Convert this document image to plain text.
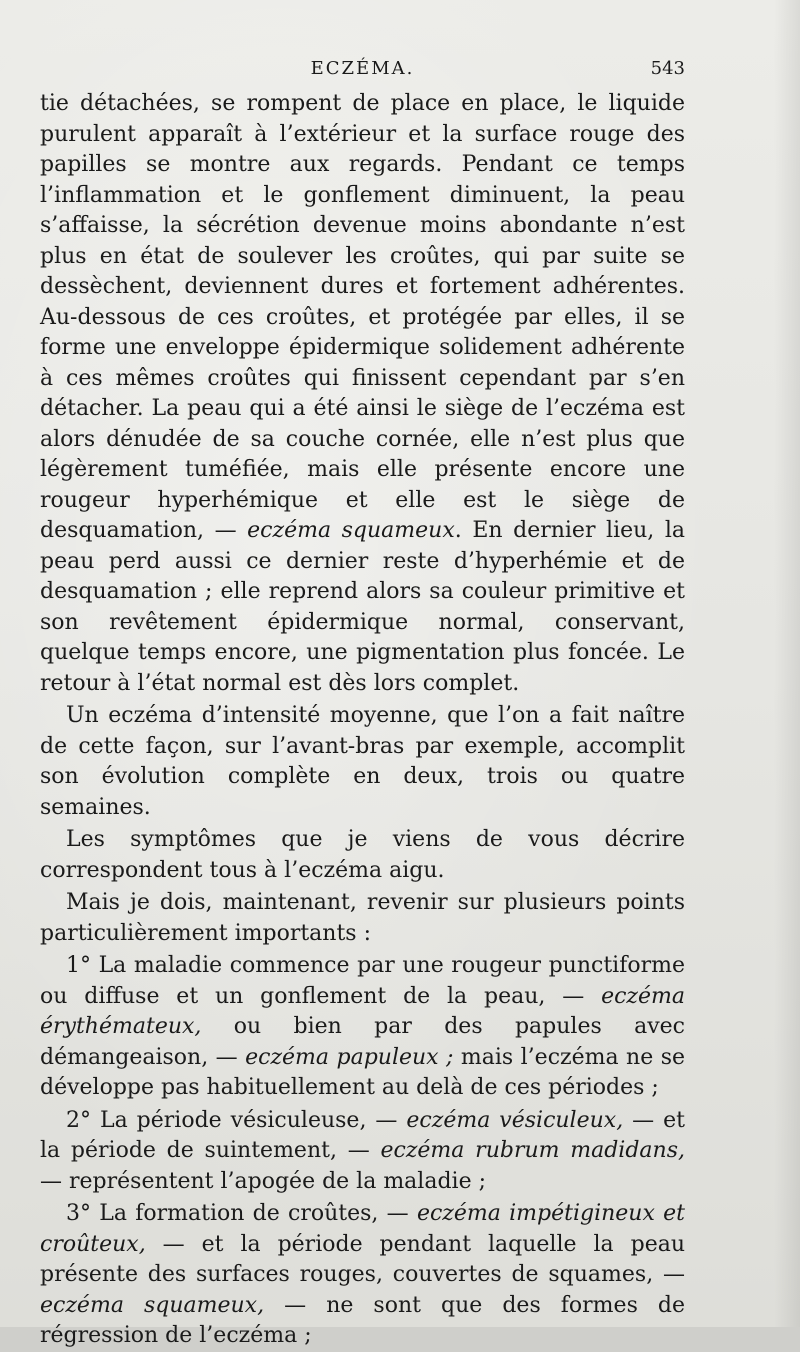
ECZÉMA.	543

tie détachées, se rompent de place en place, le liquide purulent apparaît à l’extérieur et la surface rouge des papilles se montre aux regards. Pendant ce temps l’inflammation et le gonflement diminuent, la peau s’affaisse, la sécrétion devenue moins abondante n’est plus en état de soulever les croûtes, qui par suite se dessèchent, deviennent dures et fortement adhérentes. Au-dessous de ces croûtes, et protégée par elles, il se forme une enveloppe épidermique solidement adhérente à ces mêmes croûtes qui finissent cependant par s’en détacher. La peau qui a été ainsi le siège de l’eczéma est alors dénudée de sa couche cornée, elle n’est plus que légèrement tuméfiée, mais elle présente encore une rougeur hyperhémique et elle est le siège de desquamation, — eczéma squameux. En dernier lieu, la peau perd aussi ce dernier reste d’hyperhémie et de desquamation ; elle reprend alors sa couleur primitive et son revêtement épidermique normal, conservant, quelque temps encore, une pigmentation plus foncée. Le retour à l’état normal est dès lors complet.

Un eczéma d’intensité moyenne, que l’on a fait naître de cette façon, sur l’avant-bras par exemple, accomplit son évolution complète en deux, trois ou quatre semaines.

Les symptômes que je viens de vous décrire correspondent tous à l’eczéma aigu.

Mais je dois, maintenant, revenir sur plusieurs points particulièrement importants :

1° La maladie commence par une rougeur punctiforme ou diffuse et un gonflement de la peau, — eczéma érythémateux, ou bien par des papules avec démangeaison, — eczéma papuleux ; mais l’eczéma ne se développe pas habituellement au delà de ces périodes ;

2° La période vésiculeuse, — eczéma vésiculeux, — et la période de suintement, — eczéma rubrum madidans, — représentent l’apogée de la maladie ;

3° La formation de croûtes, — eczéma impétigineux et croûteux, — et la période pendant laquelle la peau présente des surfaces rouges, couvertes de squames, — eczéma squameux, — ne sont que des formes de régression de l’eczéma ;
